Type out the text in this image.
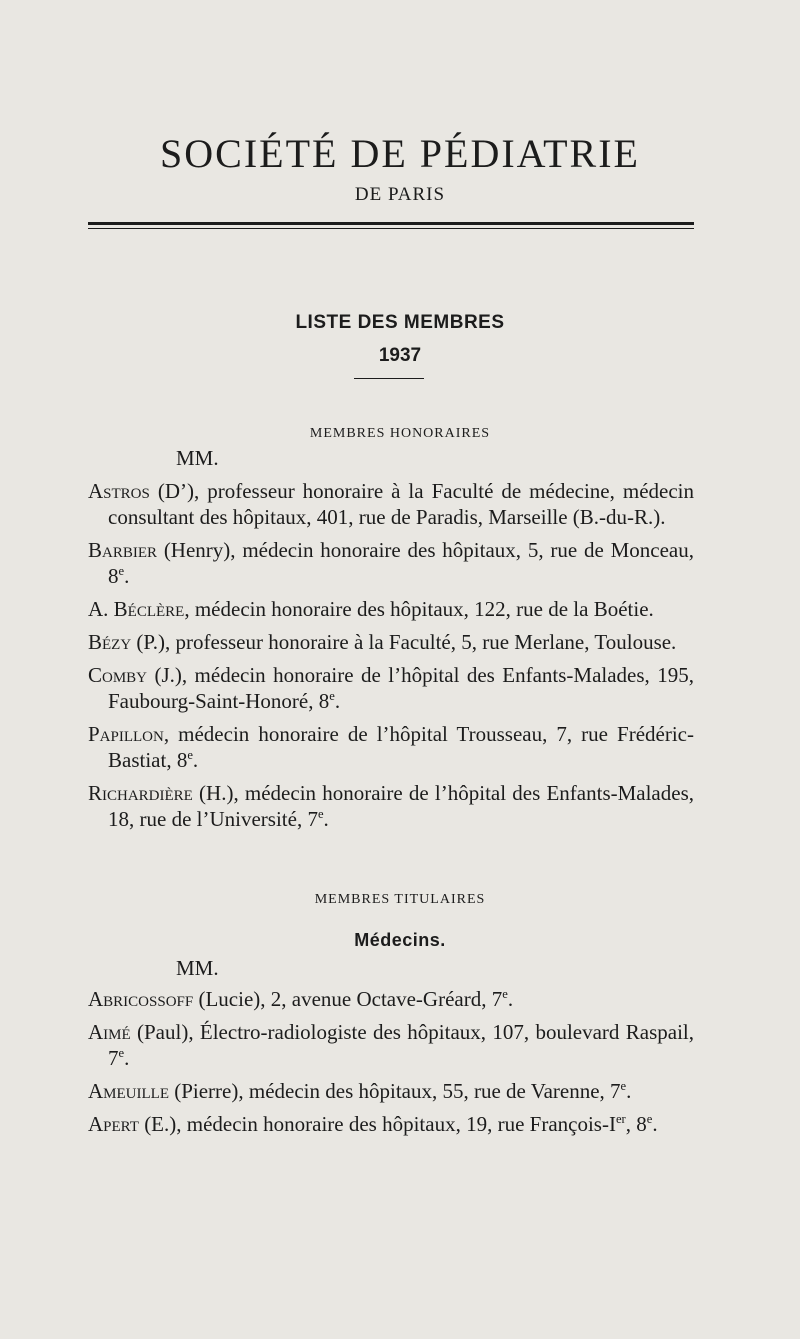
SOCIÉTÉ DE PÉDIATRIE
DE PARIS
LISTE DES MEMBRES
1937
MEMBRES HONORAIRES
MM.
Astros (D’), professeur honoraire à la Faculté de médecine, médecin consultant des hôpitaux, 401, rue de Paradis, Marseille (B.-du-R.).
Barbier (Henry), médecin honoraire des hôpitaux, 5, rue de Monceau, 8e.
A. Béclère, médecin honoraire des hôpitaux, 122, rue de la Boétie.
Bézy (P.), professeur honoraire à la Faculté, 5, rue Merlane, Toulouse.
Comby (J.), médecin honoraire de l’hôpital des Enfants-Malades, 195, Faubourg-Saint-Honoré, 8e.
Papillon, médecin honoraire de l’hôpital Trousseau, 7, rue Frédéric-Bastiat, 8e.
Richardière (H.), médecin honoraire de l’hôpital des Enfants-Malades, 18, rue de l’Université, 7e.
MEMBRES TITULAIRES
Médecins.
MM.
Abricossoff (Lucie), 2, avenue Octave-Gréard, 7e.
Aimé (Paul), Électro-radiologiste des hôpitaux, 107, boulevard Raspail, 7e.
Ameuille (Pierre), médecin des hôpitaux, 55, rue de Varenne, 7e.
Apert (E.), médecin honoraire des hôpitaux, 19, rue François-Ier, 8e.
